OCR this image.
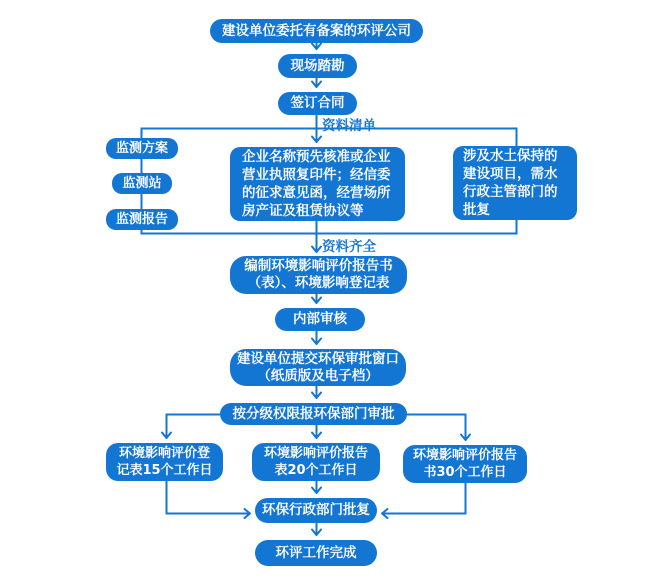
建设单位委托有备案的环评公司
现场踏勘
签订合同
资料清单
监测方案
监测站
监测报告
企业名称预先核准或企业营业执照复印件；经信委的征求意见函，经营场所房产证及租赁协议等
涉及水土保持的建设项目，需水行政主管部门的批复
资料齐全
编制环境影响评价报告书（表）、环境影响登记表
内部审核
建设单位提交环保审批窗口（纸质版及电子档）
按分级权限报环保部门审批
环境影响评价登记表15个工作日
环境影响评价报告表20个工作日
环境影响评价报告书30个工作日
环保行政部门批复
环评工作完成
